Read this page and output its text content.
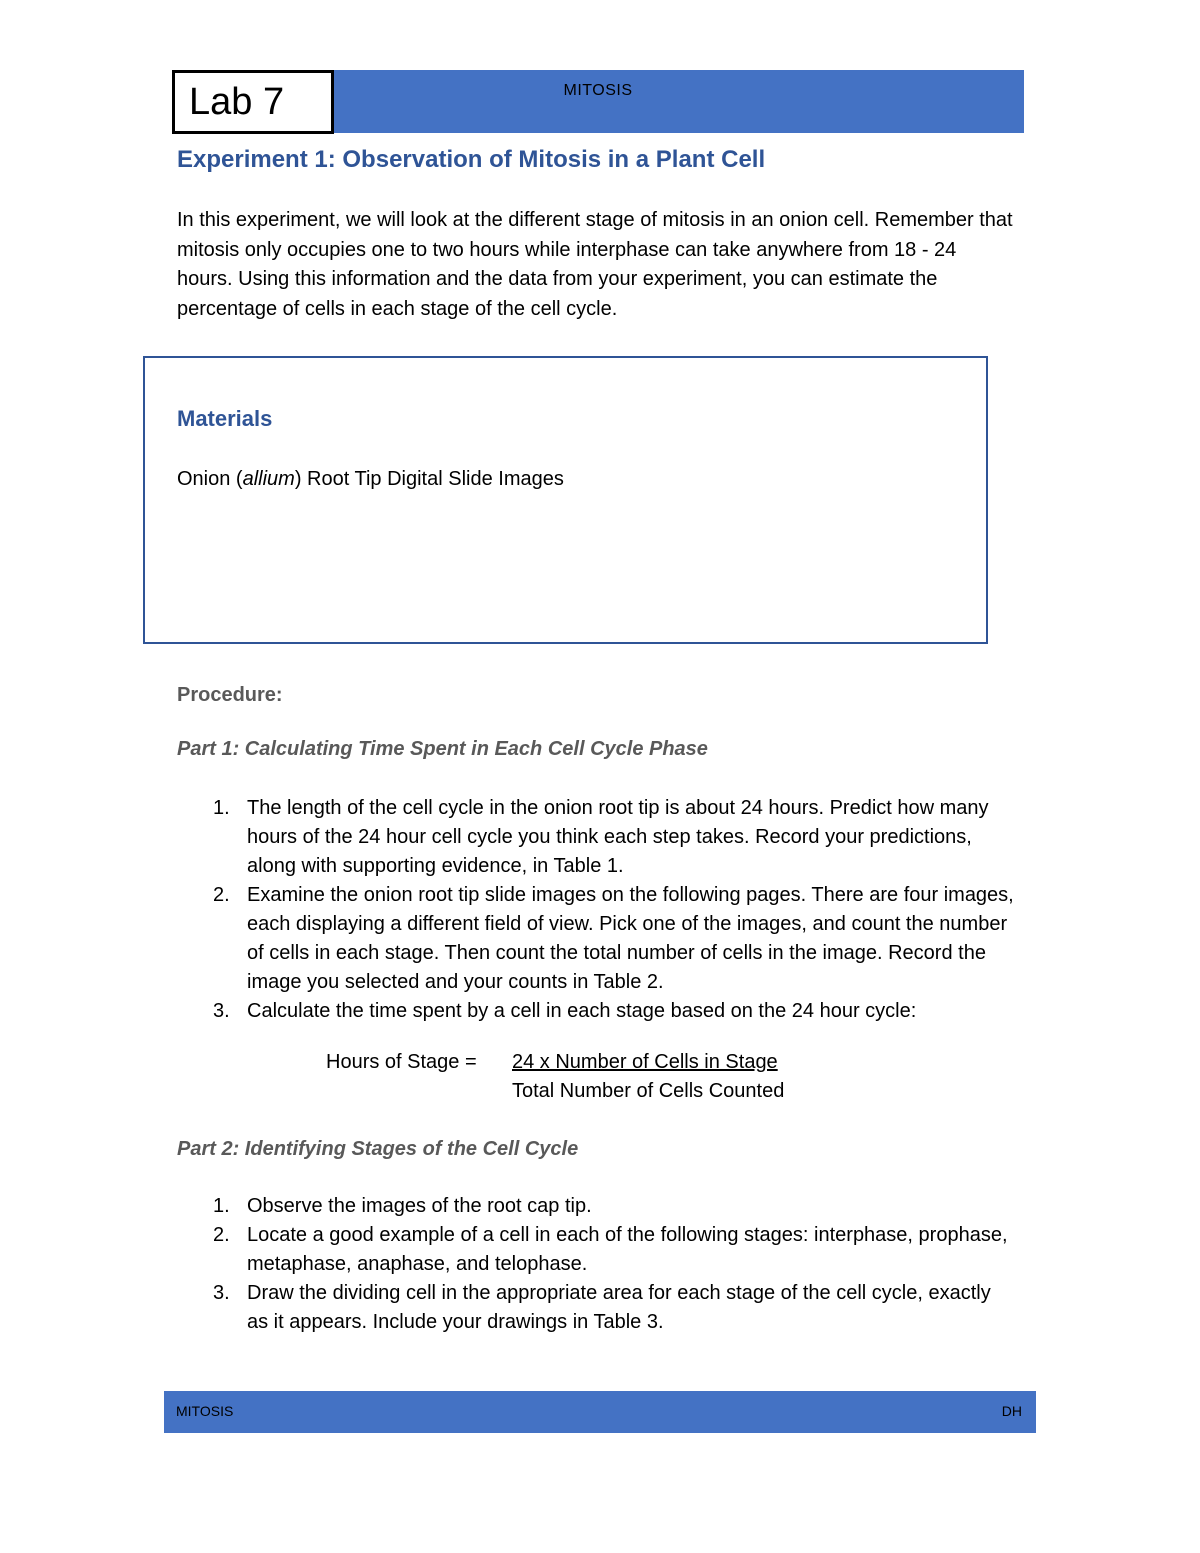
MITOSIS
Lab 7
Experiment 1: Observation of Mitosis in a Plant Cell

In this experiment, we will look at the different stage of mitosis in an onion cell. Remember that mitosis only occupies one to two hours while interphase can take anywhere from 18 - 24 hours. Using this information and the data from your experiment, you can estimate the percentage of cells in each stage of the cell cycle.

Materials

Onion (allium) Root Tip Digital Slide Images

Procedure:
Part 1: Calculating Time Spent in Each Cell Cycle Phase
1. The length of the cell cycle in the onion root tip is about 24 hours. Predict how many hours of the 24 hour cell cycle you think each step takes. Record your predictions, along with supporting evidence, in Table 1.
2. Examine the onion root tip slide images on the following pages. There are four images, each displaying a different field of view. Pick one of the images, and count the number of cells in each stage. Then count the total number of cells in the image. Record the image you selected and your counts in Table 2.
3. Calculate the time spent by a cell in each stage based on the 24 hour cycle:
Hours of Stage = 24 x Number of Cells in Stage
Total Number of Cells Counted
Part 2: Identifying Stages of the Cell Cycle
1. Observe the images of the root cap tip.
2. Locate a good example of a cell in each of the following stages: interphase, prophase, metaphase, anaphase, and telophase.
3. Draw the dividing cell in the appropriate area for each stage of the cell cycle, exactly as it appears. Include your drawings in Table 3.
MITOSIS	DH
